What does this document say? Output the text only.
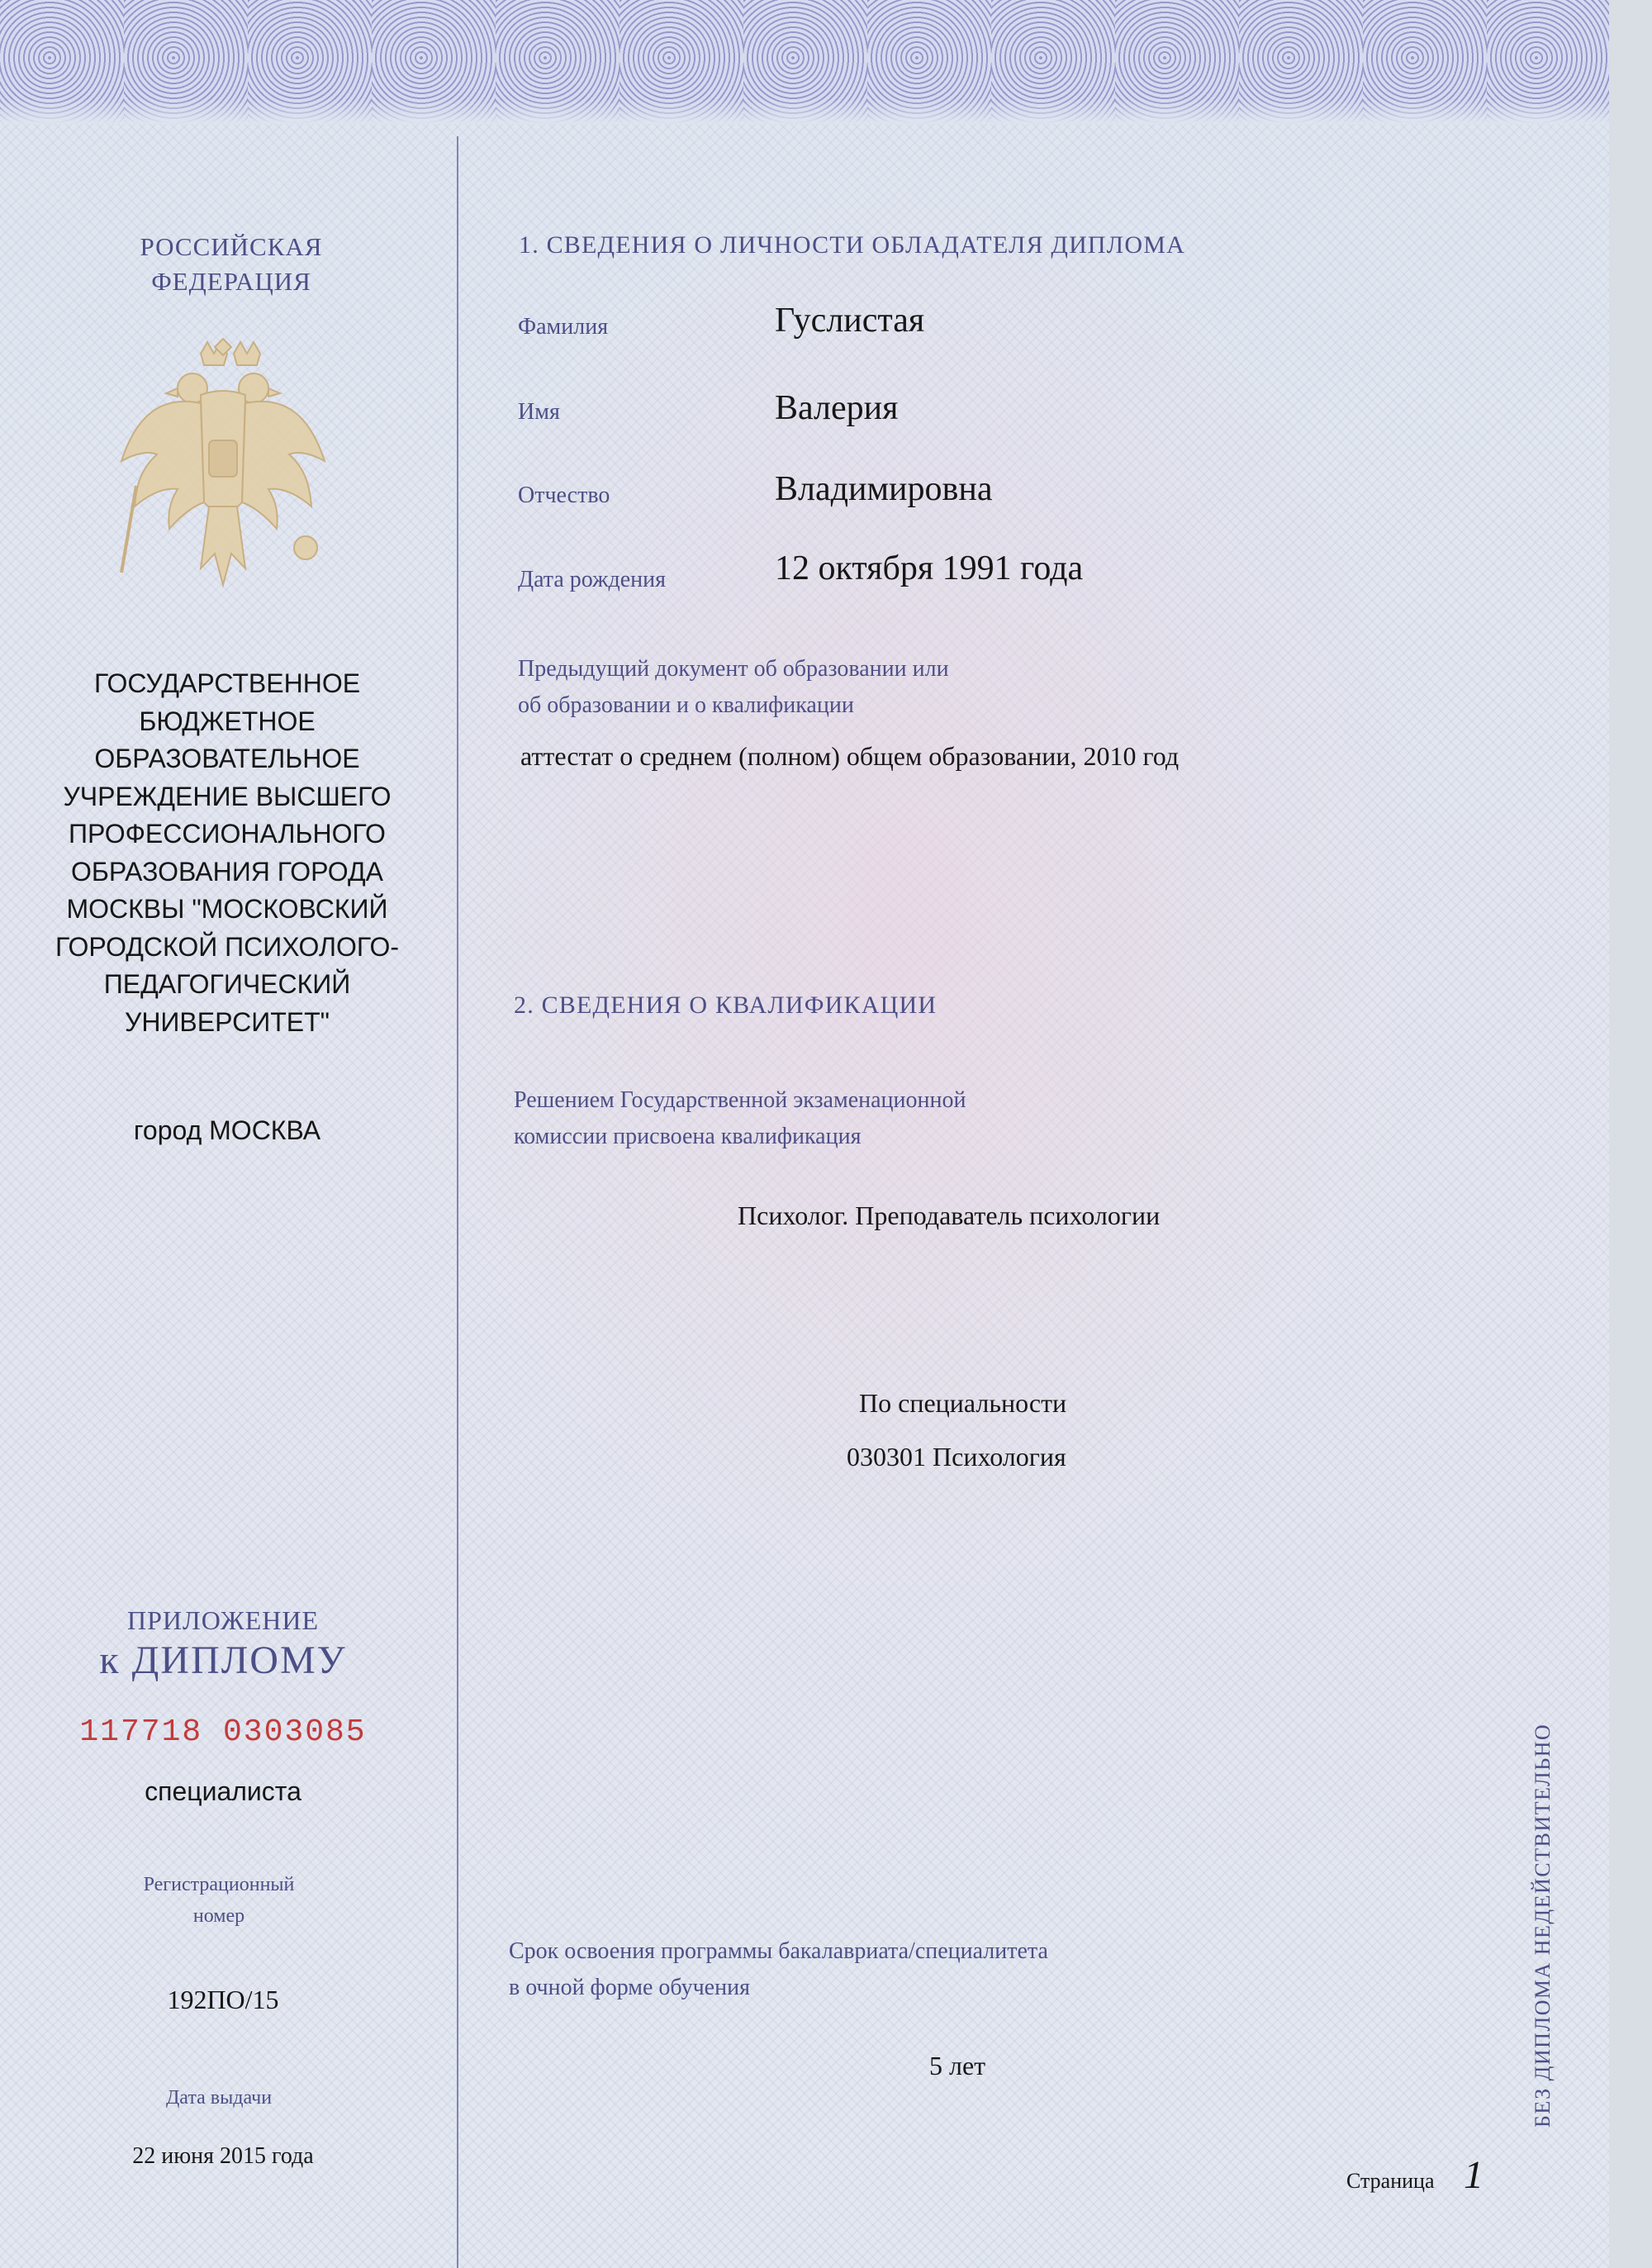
РОССИЙСКАЯ
ФЕДЕРАЦИЯ
ГОСУДАРСТВЕННОЕ
БЮДЖЕТНОЕ
ОБРАЗОВАТЕЛЬНОЕ
УЧРЕЖДЕНИЕ ВЫСШЕГО
ПРОФЕССИОНАЛЬНОГО
ОБРАЗОВАНИЯ ГОРОДА
МОСКВЫ "МОСКОВСКИЙ
ГОРОДСКОЙ ПСИХОЛОГО-
ПЕДАГОГИЧЕСКИЙ
УНИВЕРСИТЕТ"
город МОСКВА
ПРИЛОЖЕНИЕ
к ДИПЛОМУ
117718 0303085
специалиста
Регистрационный
номер
192ПО/15
Дата выдачи
22 июня 2015 года
1. СВЕДЕНИЯ О ЛИЧНОСТИ ОБЛАДАТЕЛЯ ДИПЛОМА
Фамилия	Гуслистая
Имя	Валерия
Отчество	Владимировна
Дата рождения	12 октября 1991 года
Предыдущий документ об образовании или
об образовании и о квалификации
аттестат о среднем (полном) общем образовании, 2010 год
2. СВЕДЕНИЯ О КВАЛИФИКАЦИИ
Решением Государственной экзаменационной
комиссии присвоена квалификация
Психолог. Преподаватель психологии
По специальности
030301 Психология
Срок освоения программы бакалавриата/специалитета
в очной форме обучения
5 лет	БЕЗ ДИПЛОМА НЕДЕЙСТВИТЕЛЬНО
Страница 1
